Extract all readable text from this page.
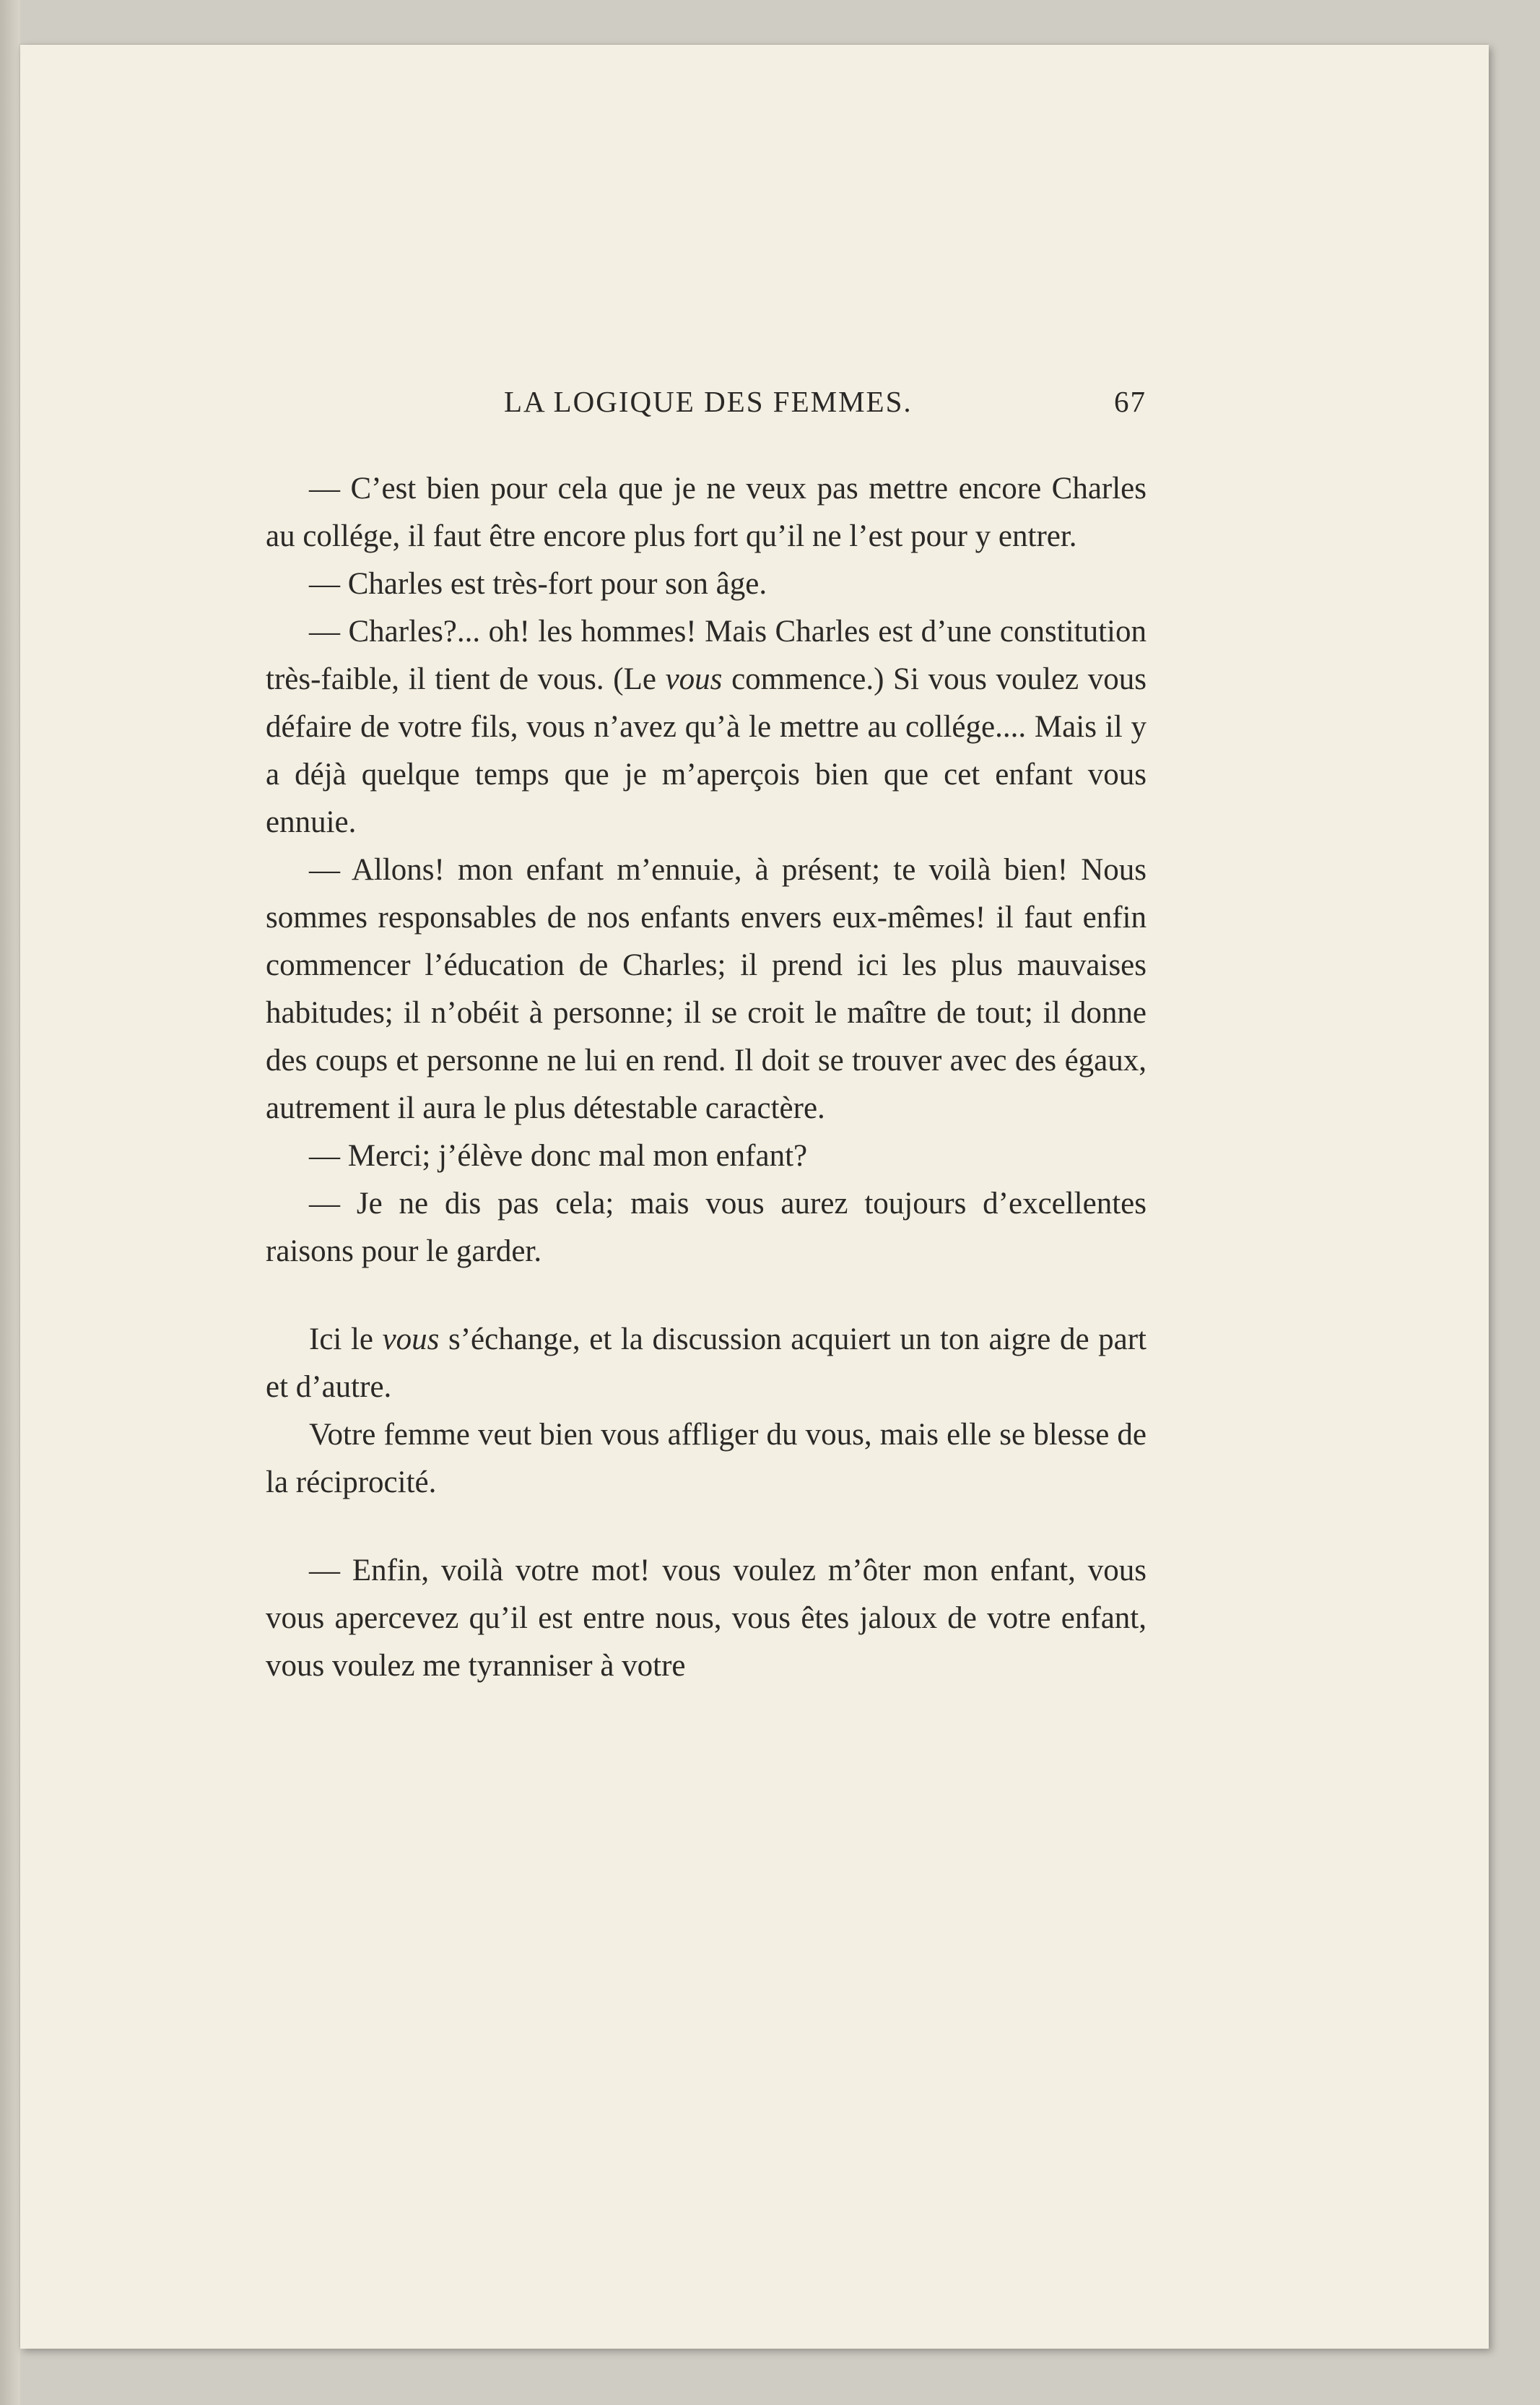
LA LOGIQUE DES FEMMES.	67

— C’est bien pour cela que je ne veux pas mettre encore Charles au collége, il faut être encore plus fort qu’il ne l’est pour y entrer.

— Charles est très-fort pour son âge.

— Charles?... oh! les hommes! Mais Charles est d’une constitution très-faible, il tient de vous. (Le vous commence.) Si vous voulez vous défaire de votre fils, vous n’avez qu’à le mettre au collége.... Mais il y a déjà quelque temps que je m’aperçois bien que cet enfant vous ennuie.

— Allons! mon enfant m’ennuie, à présent; te voilà bien! Nous sommes responsables de nos enfants envers eux-mêmes! il faut enfin commencer l’éducation de Charles; il prend ici les plus mauvaises habitudes; il n’obéit à personne; il se croit le maître de tout; il donne des coups et personne ne lui en rend. Il doit se trouver avec des égaux, autrement il aura le plus détestable caractère.

— Merci; j’élève donc mal mon enfant?

— Je ne dis pas cela; mais vous aurez toujours d’excellentes raisons pour le garder.

Ici le vous s’échange, et la discussion acquiert un ton aigre de part et d’autre.

Votre femme veut bien vous affliger du vous, mais elle se blesse de la réciprocité.

— Enfin, voilà votre mot! vous voulez m’ôter mon enfant, vous vous apercevez qu’il est entre nous, vous êtes jaloux de votre enfant, vous voulez me tyranniser à votre
